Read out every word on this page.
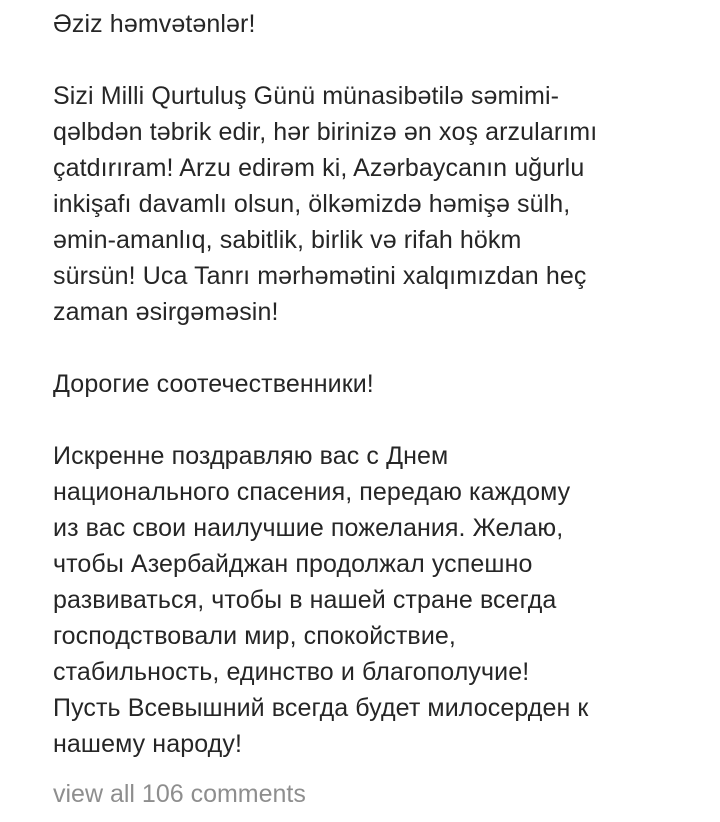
Əziz həmvətənlər!
Sizi Milli Qurtuluş Günü münasibətilə səmimi-
qəlbdən təbrik edir, hər birinizə ən xoş arzularımı
çatdırıram! Arzu edirəm ki, Azərbaycanın uğurlu
inkişafı davamlı olsun, ölkəmizdə həmişə sülh,
əmin-amanlıq, sabitlik, birlik və rifah hökm
sürsün! Uca Tanrı mərhəmətini xalqımızdan heç
zaman əsirgəməsin!
Дорогие соотечественники!
Искренне поздравляю вас с Днем
национального спасения, передаю каждому
из вас свои наилучшие пожелания. Желаю,
чтобы Азербайджан продолжал успешно
развиваться, чтобы в нашей стране всегда
господствовали мир, спокойствие,
стабильность, единство и благополучие!
Пусть Всевышний всегда будет милосерден к
нашему народу!
view all 106 comments
